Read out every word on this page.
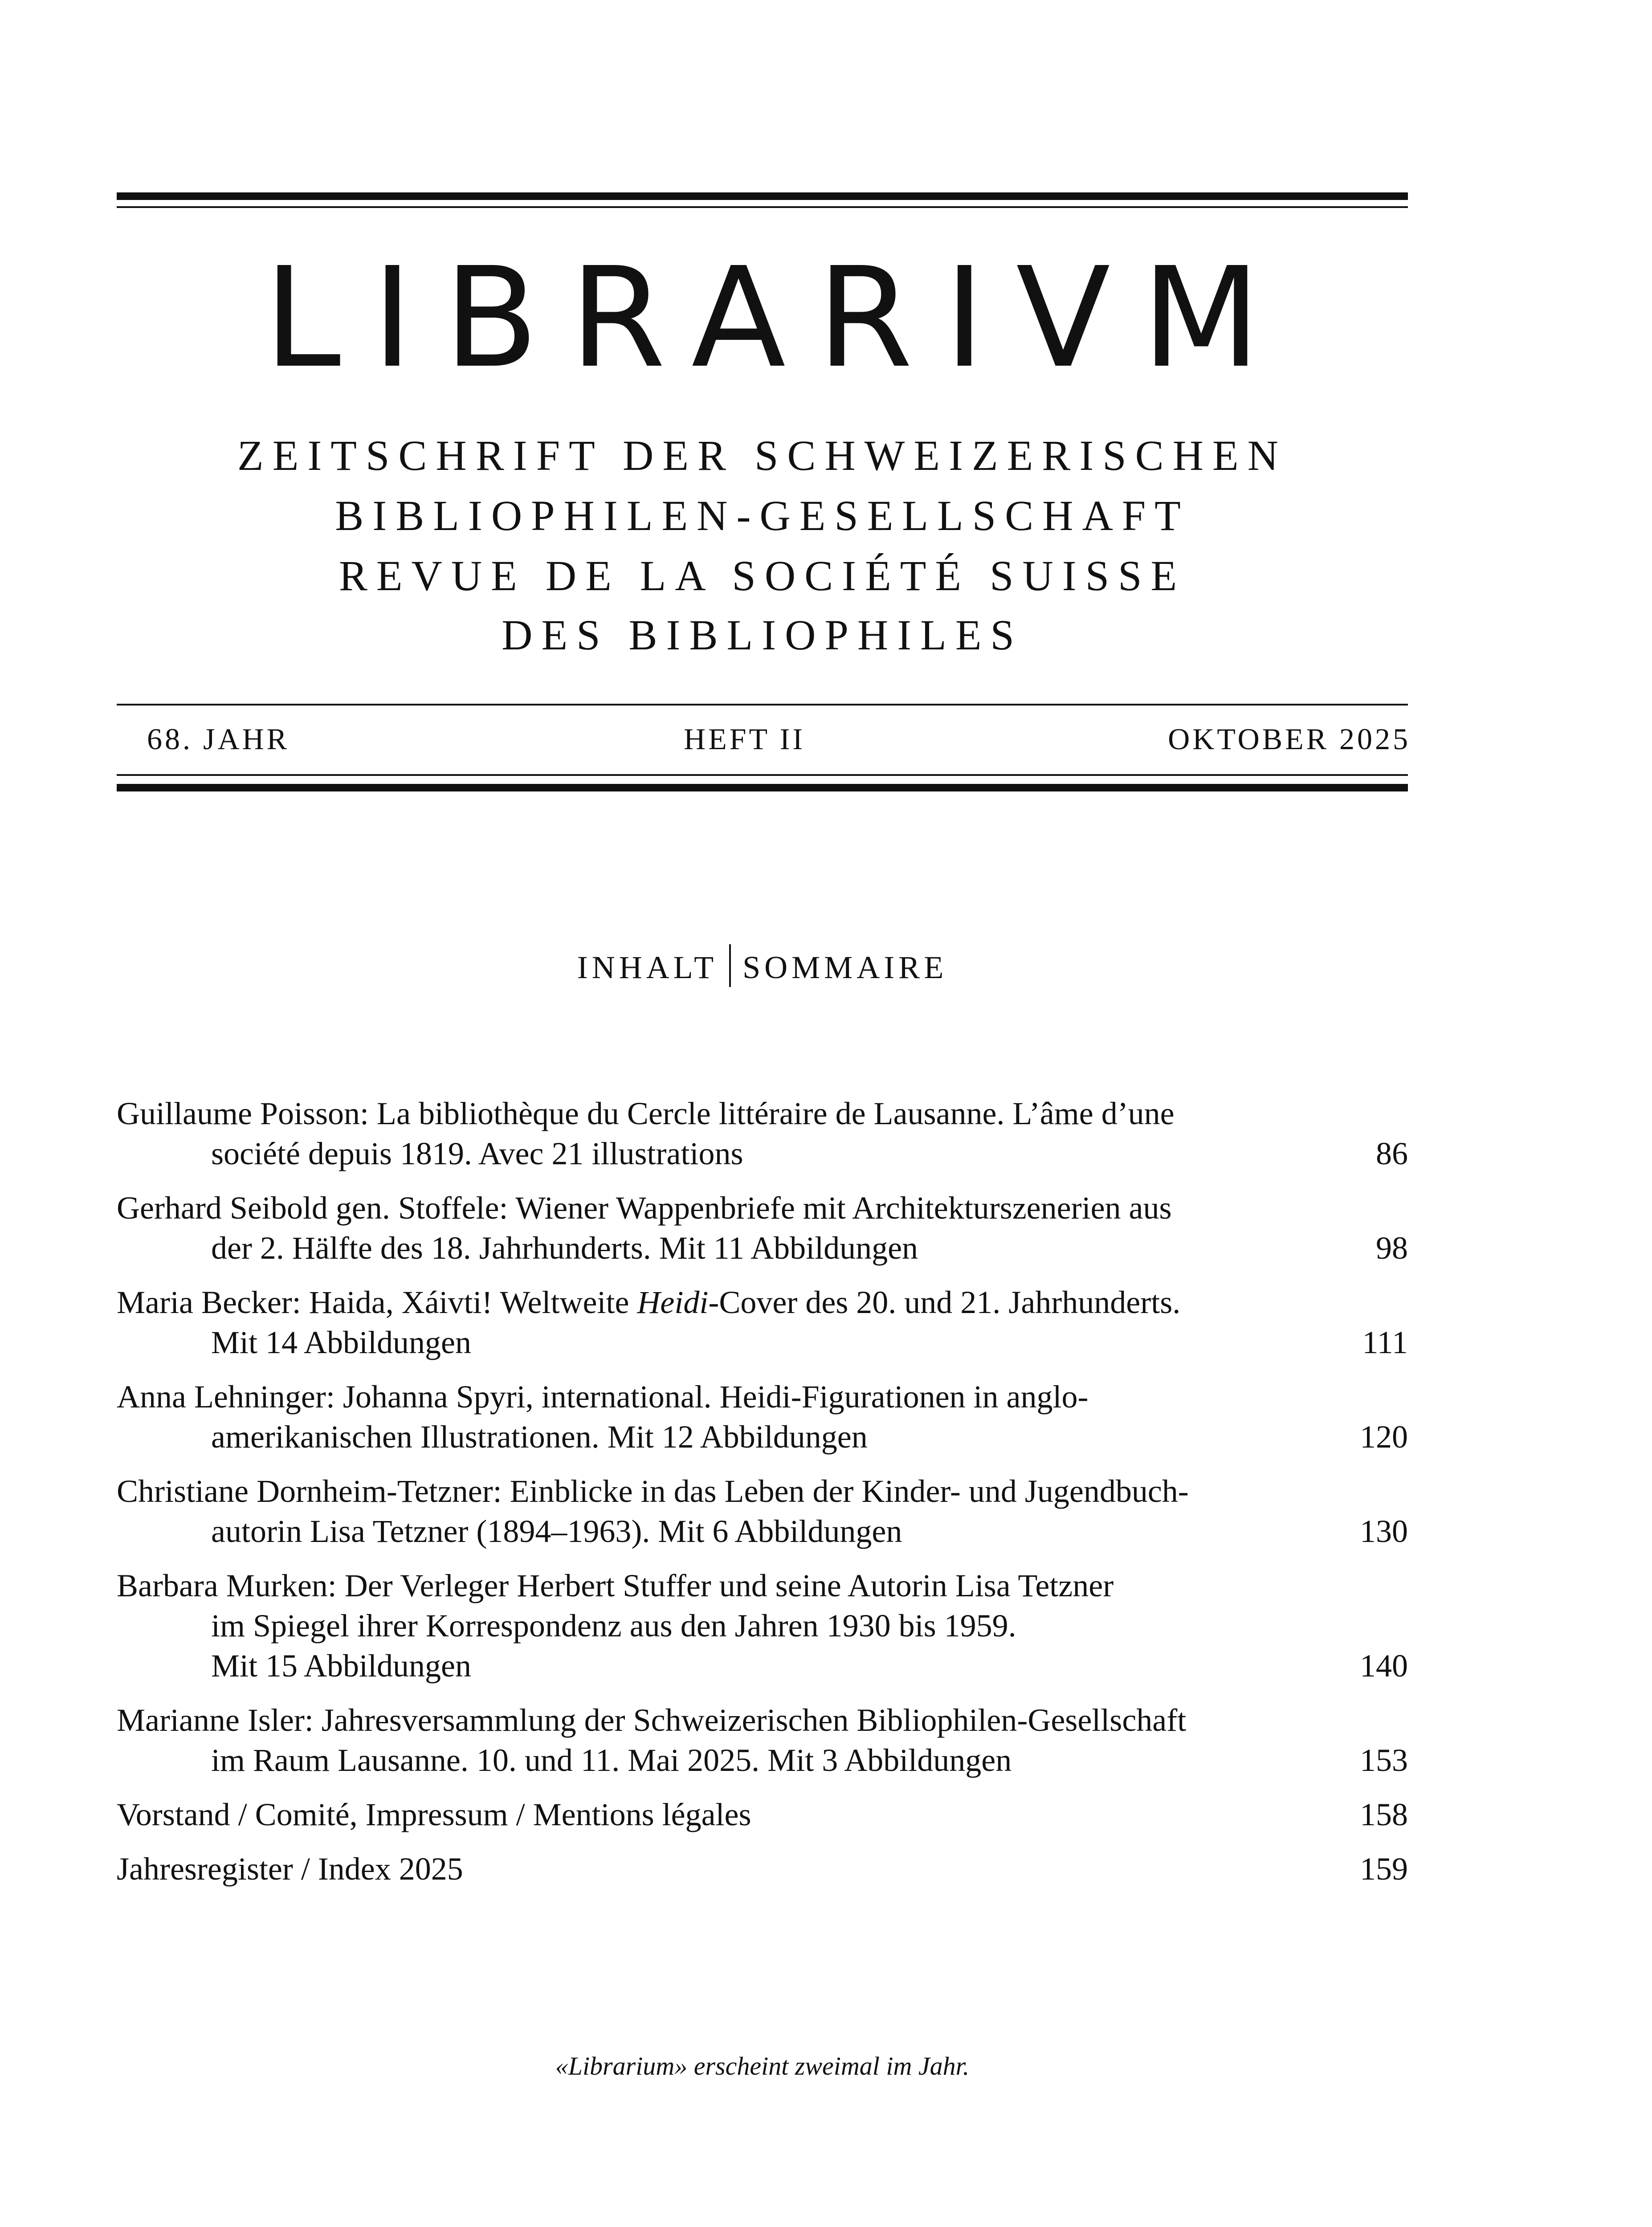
LIBRARIVM
ZEITSCHRIFT DER SCHWEIZERISCHEN
BIBLIOPHILEN-GESELLSCHAFT
REVUE DE LA SOCIÉTÉ SUISSE
DES BIBLIOPHILES
68. JAHR	HEFT II	OKTOBER 2025
INHALT SOMMAIRE
Guillaume Poisson: La bibliothèque du Cercle littéraire de Lausanne. L’âme d’une
société depuis 1819. Avec 21 illustrations	86
Gerhard Seibold gen. Stoffele: Wiener Wappenbriefe mit Architekturszenerien aus
der 2. Hälfte des 18. Jahrhunderts. Mit 11 Abbildungen	98
Maria Becker: Haida, Xáivti! Weltweite Heidi-Cover des 20. und 21. Jahrhunderts.
Mit 14 Abbildungen	111
Anna Lehninger: Johanna Spyri, international. Heidi-Figurationen in anglo-
amerikanischen Illustrationen. Mit 12 Abbildungen	120
Christiane Dornheim-Tetzner: Einblicke in das Leben der Kinder- und Jugendbuch-
autorin Lisa Tetzner (1894–1963). Mit 6 Abbildungen	130
Barbara Murken: Der Verleger Herbert Stuffer und seine Autorin Lisa Tetzner
im Spiegel ihrer Korrespondenz aus den Jahren 1930 bis 1959.
Mit 15 Abbildungen	140
Marianne Isler: Jahresversammlung der Schweizerischen Bibliophilen-Gesellschaft
im Raum Lausanne. 10. und 11. Mai 2025. Mit 3 Abbildungen	153
Vorstand / Comité, Impressum / Mentions légales	158
Jahresregister / Index 2025	159
«Librarium» erscheint zweimal im Jahr.
